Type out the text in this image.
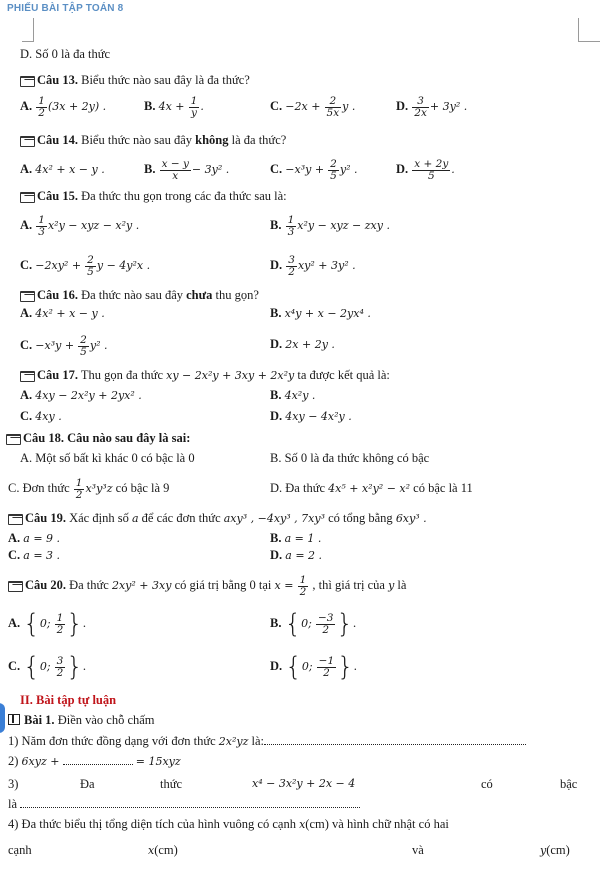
PHIẾU BÀI TẬP TOÁN 8
D. Số 0 là đa thức
Câu 13. Biểu thức nào sau đây là đa thức?
A. $\frac{1}{2} (3x + 2y)$ .	B. $4x + \frac{1}{y}$ .	C. $-2x + \frac{2}{5x}$ y .	D. $\frac{3}{2x} + 3y^2$ .
Câu 14. Biểu thức nào sau đây không là đa thức?
A. 4x² + x − y .	B. $\frac{x - y}{x} - 3y^2$ .	C. $-x^3y + \frac{2}{5} y^2$ .	D. $\frac{x + 2y}{5}$ .
Câu 15. Đa thức thu gọn trong các đa thức sau là:
A. $\frac{1}{3} x^2y$ − xyz − x²y .	B. $\frac{1}{3} x^2y$ − xyz − zxy .
C. $-2xy^2 + \frac{2}{5}$ y − 4y²x .	D. $\frac{3}{2} xy^2 + 3y^2$ .
Câu 16. Đa thức nào sau đây chưa thu gọn?
A. 4x² + x − y .	B. x⁴y + x − 2yx⁴ .
C. $-x^3y + \frac{2}{5} y^2$ .	D. 2x + 2y .
Câu 17. Thu gọn đa thức xy − 2x²y + 3xy + 2x²y ta được kết quả là:
A. 4xy − 2x²y + 2yx² .	B. 4x²y .
C. 4xy .	D. 4xy − 4x²y .
Câu 18. Câu nào sau đây là sai:
A. Một số bất kì khác 0 có bậc là 0	B. Số 0 là đa thức không có bậc
C. Đơn thức $\frac{1}{2} x^3y^3z$ có bậc là 9	D. Đa thức 4x⁵ + x²y² − x² có bậc là 11
Câu 19. Xác định số a để các đơn thức axy³ , −4xy³ , 7xy³ có tổng bằng 6xy³ .
A. a = 9 .	B. a = 1 .
C. a = 3 .	D. a = 2 .
Câu 20. Đa thức 2xy² + 3xy có giá trị bằng 0 tại $x = \frac{1}{2}$ , thì giá trị của y là
A. {0; $\frac{1}{2}$ }.	B. {0; $\frac{-3}{2}$ }.
C. {0; $\frac{3}{2}$ }.	D. {0; $\frac{-1}{2}$ }.
II. Bài tập tự luận
Bài 1. Điền vào chỗ chấm
1) Năm đơn thức đồng dạng với đơn thức 2x²yz là:
2) 6xyz +	= 15xyz
3)	Đa	thức	x⁴ − 3x²y + 2x − 4	có	bậc
là
4) Đa thức biểu thị tổng diện tích của hình vuông có cạnh x(cm) và hình chữ nhật có hai
cạnh	x(cm)	và	y(cm)
